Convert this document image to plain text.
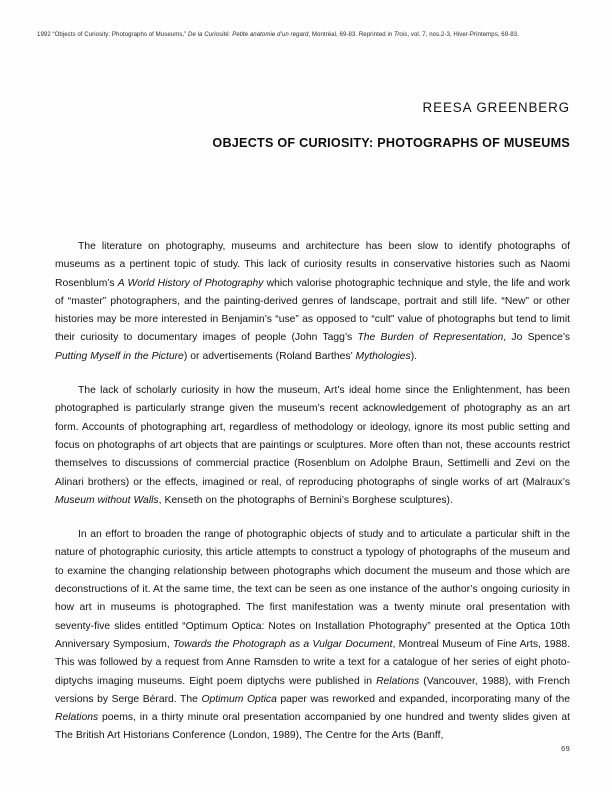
1992 “Objects of Curiosity: Photographs of Museums,” De la Curiosité: Petite anatomie d’un regard, Montréal, 69-83. Reprinted in Trois, vol. 7, nos.2-3, Hiver-Printemps, 69-83.
REESA GREENBERG
OBJECTS OF CURIOSITY: PHOTOGRAPHS OF MUSEUMS

The literature on photography, museums and architecture has been slow to identify photographs of museums as a pertinent topic of study. This lack of curiosity results in conservative histories such as Naomi Rosenblum’s A World History of Photography which valorise photographic technique and style, the life and work of “master” photographers, and the painting-derived genres of landscape, portrait and still life. “New” or other histories may be more interested in Benjamin’s “use” as opposed to “cult” value of photographs but tend to limit their curiosity to documentary images of people (John Tagg’s The Burden of Representation, Jo Spence’s Putting Myself in the Picture) or advertisements (Roland Barthes’ Mythologies).

The lack of scholarly curiosity in how the museum, Art’s ideal home since the Enlightenment, has been photographed is particularly strange given the museum’s recent acknowledgement of photography as an art form. Accounts of photographing art, regardless of methodology or ideology, ignore its most public setting and focus on photographs of art objects that are paintings or sculptures. More often than not, these accounts restrict themselves to discussions of commercial practice (Rosenblum on Adolphe Braun, Settimelli and Zevi on the Alinari brothers) or the effects, imagined or real, of reproducing photographs of single works of art (Malraux’s Museum without Walls, Kenseth on the photographs of Bernini’s Borghese sculptures).

In an effort to broaden the range of photographic objects of study and to articulate a particular shift in the nature of photographic curiosity, this article attempts to construct a typology of photographs of the museum and to examine the changing relationship between photographs which document the museum and those which are deconstructions of it. At the same time, the text can be seen as one instance of the author’s ongoing curiosity in how art in museums is photographed. The first manifestation was a twenty minute oral presentation with seventy-five slides entitled “Optimum Optica: Notes on Installation Photography” presented at the Optica 10th Anniversary Symposium, Towards the Photograph as a Vulgar Document, Montreal Museum of Fine Arts, 1988. This was followed by a request from Anne Ramsden to write a text for a catalogue of her series of eight photo-diptychs imaging museums. Eight poem diptychs were published in Relations (Vancouver, 1988), with French versions by Serge Bérard. The Optimum Optica paper was reworked and expanded, incorporating many of the Relations poems, in a thirty minute oral presentation accompanied by one hundred and twenty slides given at The British Art Historians Conference (London, 1989), The Centre for the Arts (Banff,

69
